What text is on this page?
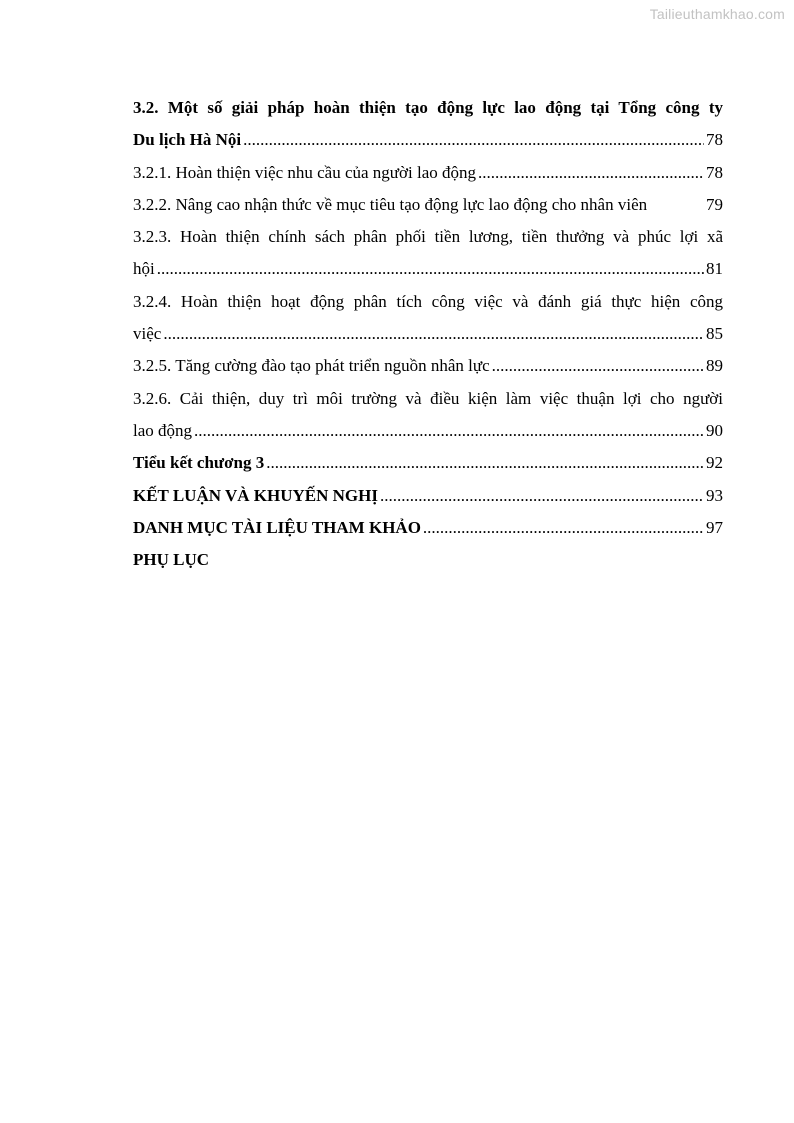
Tailieuthamkhao.com
3.2. Một số giải pháp hoàn thiện tạo động lực lao động tại Tổng công ty
Du lịch Hà Nội .....	78
3.2.1. Hoàn thiện việc nhu cầu của người lao động .....	78
3.2.2. Nâng cao nhận thức về mục tiêu tạo động lực lao động cho nhân viên	79
3.2.3. Hoàn thiện chính sách phân phối tiền lương, tiền thưởng và phúc lợi xã
hội .....	81
3.2.4. Hoàn thiện hoạt động phân tích công việc và đánh giá thực hiện công
việc .....	85
3.2.5. Tăng cường đào tạo phát triển nguồn nhân lực .....	89
3.2.6. Cải thiện, duy trì môi trường và điều kiện làm việc thuận lợi cho người
lao động .....	90
Tiểu kết chương 3 .....	92
KẾT LUẬN VÀ KHUYẾN NGHỊ .....	93
DANH MỤC TÀI LIỆU THAM KHẢO .....	97
PHỤ LỤC
